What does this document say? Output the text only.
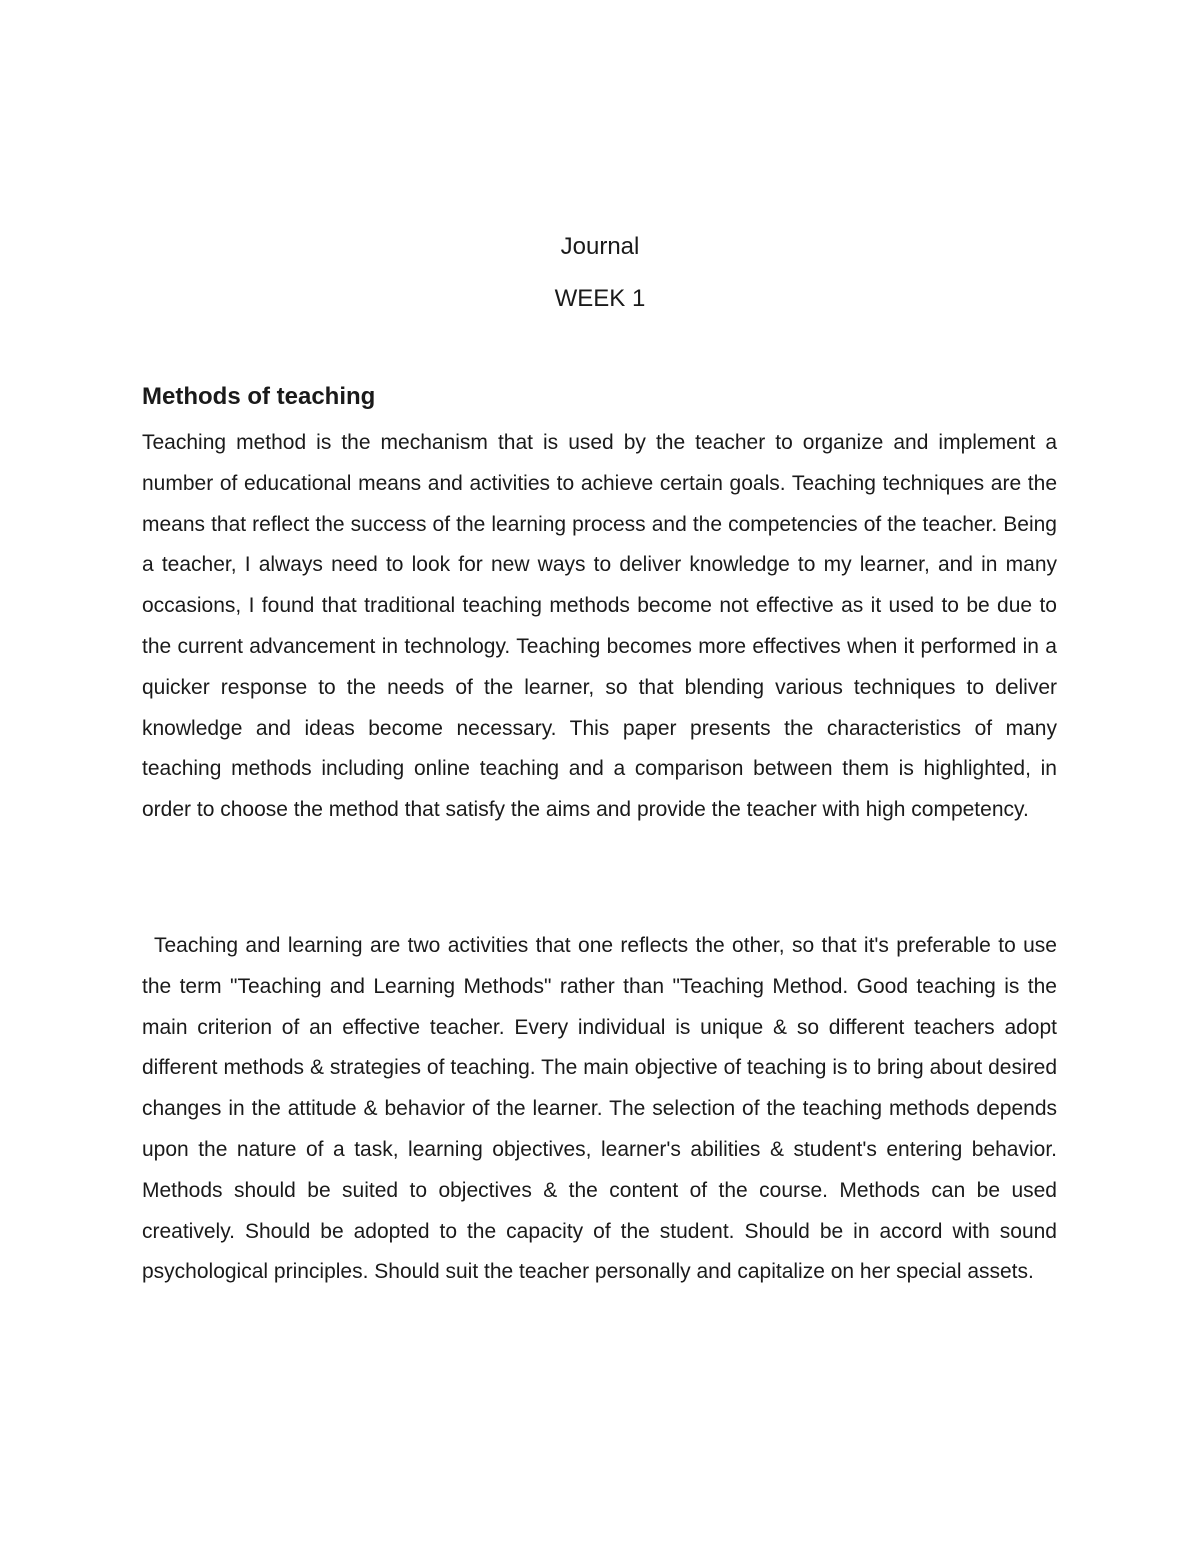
Journal
WEEK 1
Methods of teaching

Teaching method is the mechanism that is used by the teacher to organize and implement a number of educational means and activities to achieve certain goals. Teaching techniques are the means that reflect the success of the learning process and the competencies of the teacher. Being a teacher, I always need to look for new ways to deliver knowledge to my learner, and in many occasions, I found that traditional teaching methods become not effective as it used to be due to the current advancement in technology. Teaching becomes more effectives when it performed in a quicker response to the needs of the learner, so that blending various techniques to deliver knowledge and ideas become necessary. This paper presents the characteristics of many teaching methods including online teaching and a comparison between them is highlighted, in order to choose the method that satisfy the aims and provide the teacher with high competency.

Teaching and learning are two activities that one reflects the other, so that it's preferable to use the term "Teaching and Learning Methods" rather than "Teaching Method. Good teaching is the main criterion of an effective teacher. Every individual is unique & so different teachers adopt different methods & strategies of teaching. The main objective of teaching is to bring about desired changes in the attitude & behavior of the learner. The selection of the teaching methods depends upon the nature of a task, learning objectives, learner's abilities & student's entering behavior. Methods should be suited to objectives & the content of the course. Methods can be used creatively. Should be adopted to the capacity of the student. Should be in accord with sound psychological principles. Should suit the teacher personally and capitalize on her special assets.
